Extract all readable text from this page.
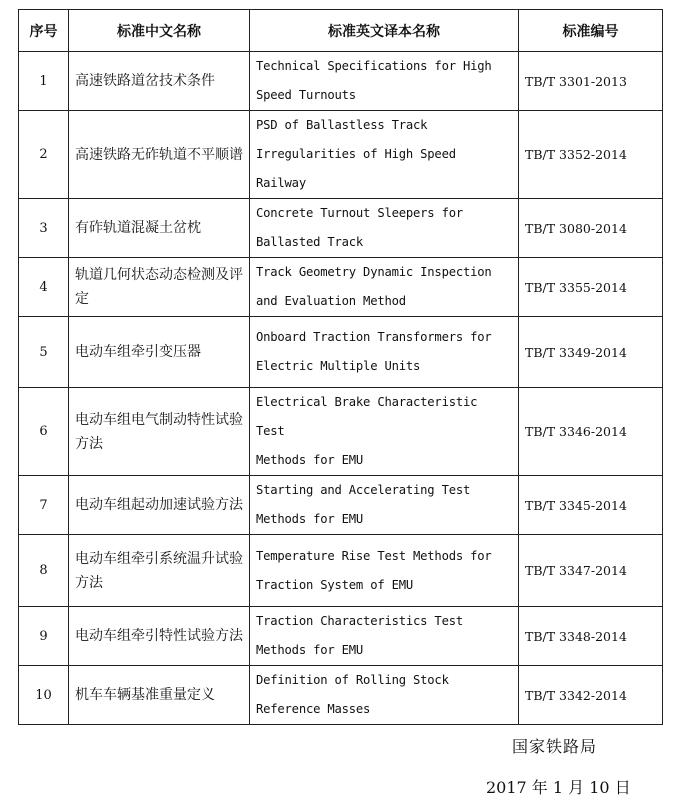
序号	标准中文名称	标准英文译本名称	标准编号
1	高速铁路道岔技术条件	Technical Specifications for High
Speed Turnouts	TB/T 3301-2013
2	高速铁路无砟轨道不平顺谱	PSD of Ballastless Track
Irregularities of High Speed Railway	TB/T 3352-2014
3	有砟轨道混凝土岔枕	Concrete Turnout Sleepers for
Ballasted Track	TB/T 3080-2014
4	轨道几何状态动态检测及评定	Track Geometry Dynamic Inspection
and Evaluation Method	TB/T 3355-2014
5	电动车组牵引变压器	Onboard Traction Transformers for
Electric Multiple Units	TB/T 3349-2014
6	电动车组电气制动特性试验方法	Electrical Brake Characteristic Test
Methods for EMU	TB/T 3346-2014
7	电动车组起动加速试验方法	Starting and Accelerating Test
Methods for EMU	TB/T 3345-2014
8	电动车组牵引系统温升试验方法	Temperature Rise Test Methods for
Traction System of EMU	TB/T 3347-2014
9	电动车组牵引特性试验方法	Traction Characteristics Test
Methods for EMU	TB/T 3348-2014
10	机车车辆基准重量定义	Definition of Rolling Stock
Reference Masses	TB/T 3342-2014
国家铁路局
2017 年 1 月 10 日
